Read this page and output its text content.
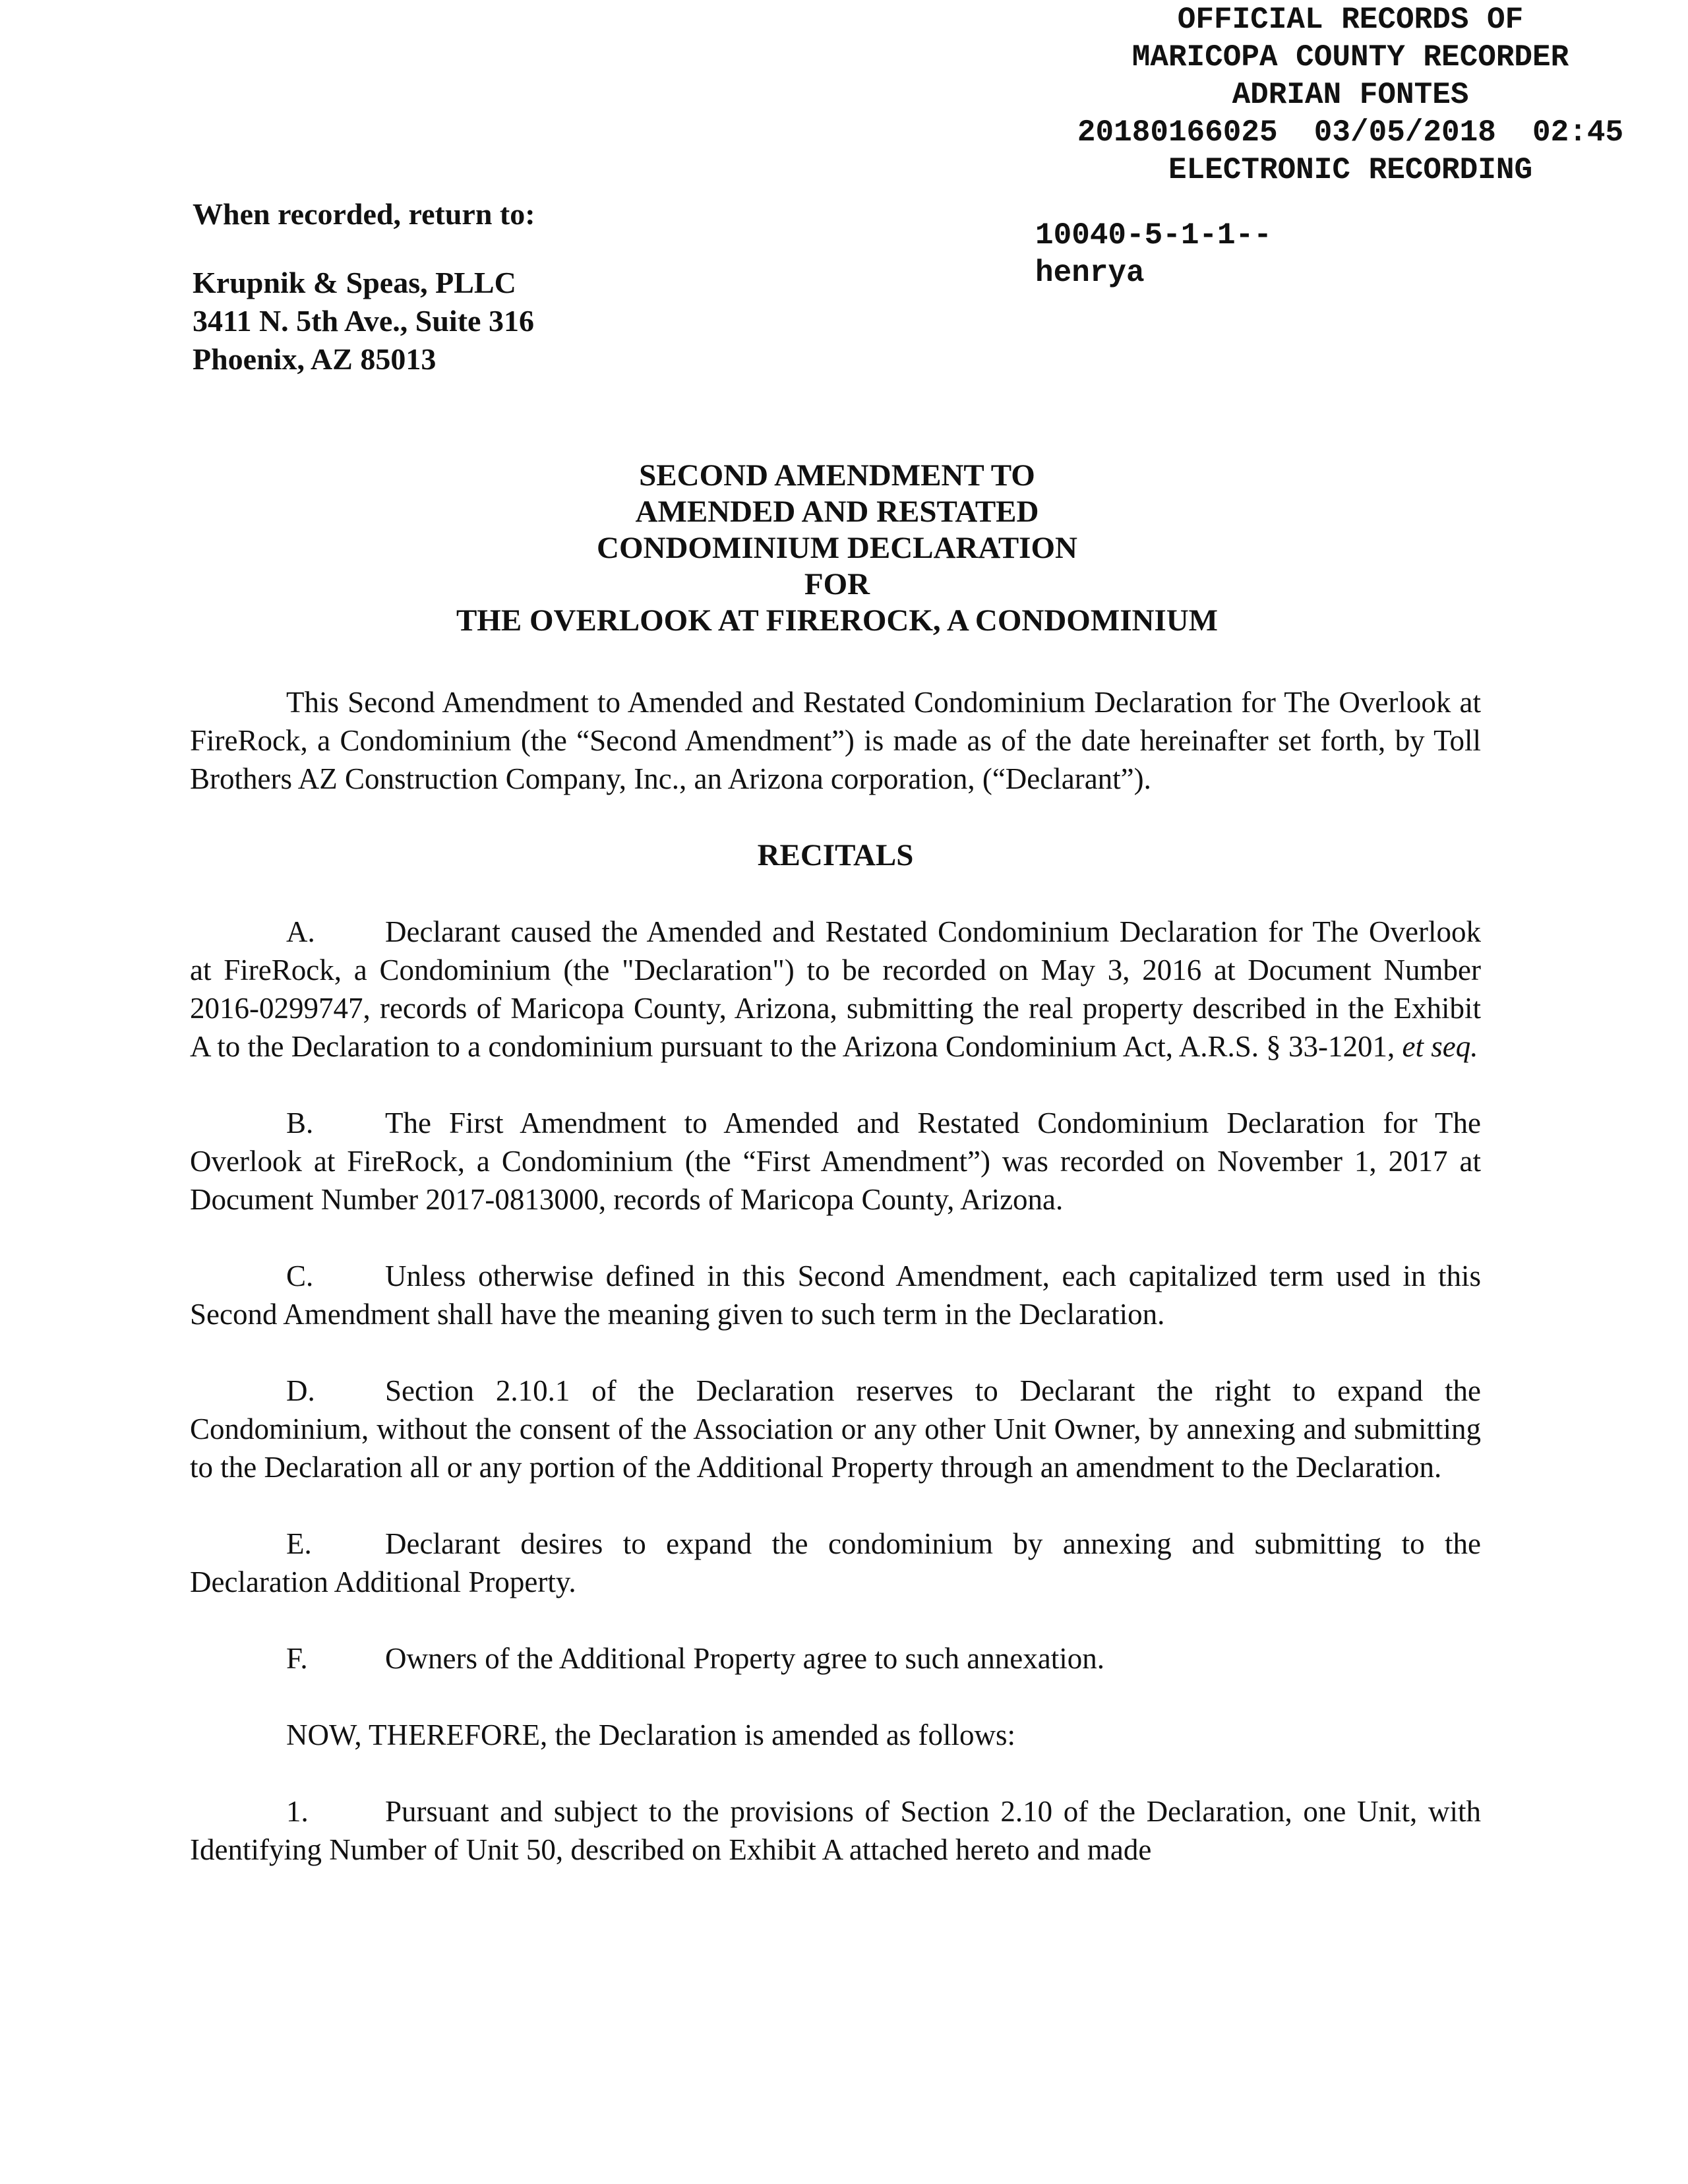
OFFICIAL RECORDS OF
MARICOPA COUNTY RECORDER
ADRIAN FONTES
20180166025  03/05/2018  02:45
ELECTRONIC RECORDING
10040-5-1-1--
henrya
When recorded, return to:
Krupnik & Speas, PLLC
3411 N. 5th Ave., Suite 316
Phoenix, AZ 85013
SECOND AMENDMENT TO
AMENDED AND RESTATED
CONDOMINIUM DECLARATION
FOR
THE OVERLOOK AT FIREROCK, A CONDOMINIUM

This Second Amendment to Amended and Restated Condominium Declaration for The Overlook at FireRock, a Condominium (the “Second Amendment”) is made as of the date hereinafter set forth, by Toll Brothers AZ Construction Company, Inc., an Arizona corporation, (“Declarant”).

RECITALS

A. Declarant caused the Amended and Restated Condominium Declaration for The Overlook at FireRock, a Condominium (the "Declaration") to be recorded on May 3, 2016 at Document Number 2016-0299747, records of Maricopa County, Arizona, submitting the real property described in the Exhibit A to the Declaration to a condominium pursuant to the Arizona Condominium Act, A.R.S. § 33-1201, et seq.

B. The First Amendment to Amended and Restated Condominium Declaration for The Overlook at FireRock, a Condominium (the “First Amendment”) was recorded on November 1, 2017 at Document Number 2017-0813000, records of Maricopa County, Arizona.

C. Unless otherwise defined in this Second Amendment, each capitalized term used in this Second Amendment shall have the meaning given to such term in the Declaration.

D. Section 2.10.1 of the Declaration reserves to Declarant the right to expand the Condominium, without the consent of the Association or any other Unit Owner, by annexing and submitting to the Declaration all or any portion of the Additional Property through an amendment to the Declaration.

E. Declarant desires to expand the condominium by annexing and submitting to the Declaration Additional Property.

F.	Owners of the Additional Property agree to such annexation.

NOW, THEREFORE, the Declaration is amended as follows:

1.	Pursuant and subject to the provisions of Section 2.10 of the Declaration, one Unit, with Identifying Number of Unit 50, described on Exhibit A attached hereto and made
